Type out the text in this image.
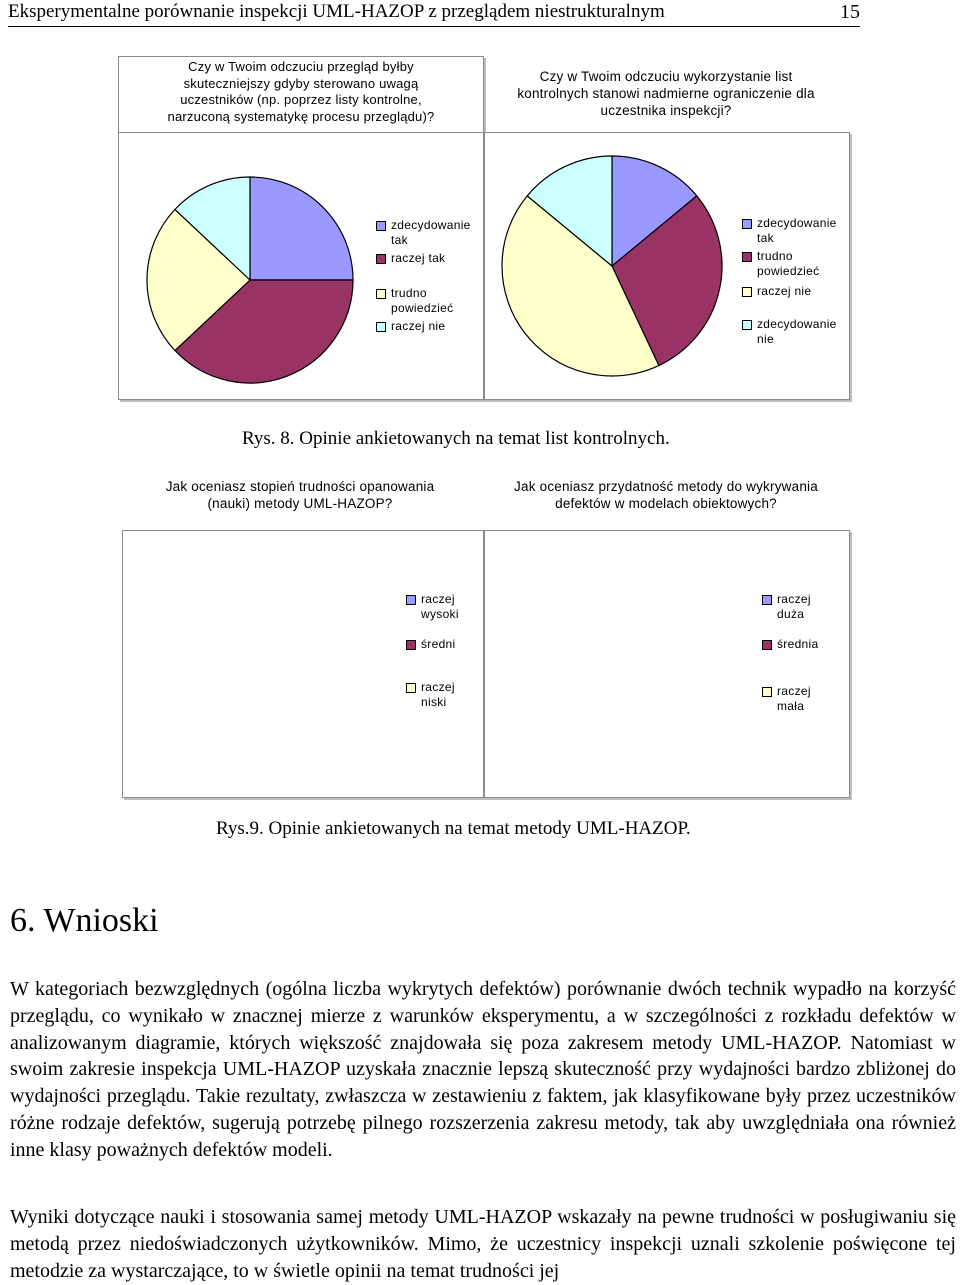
Eksperymentalne porównanie inspekcji UML-HAZOP z przeglądem niestrukturalnym	15
Czy w Twoim odczuciu przegląd byłby
skuteczniejszy gdyby sterowano uwagą
uczestników (np. poprzez listy kontrolne,
narzuconą systematykę procesu przeglądu)?
Czy w Twoim odczuciu wykorzystanie list
kontrolnych stanowi nadmierne ograniczenie dla
uczestnika inspekcji?
zdecydowanie
tak
raczej tak
trudno
powiedzieć
raczej nie
zdecydowanie
tak
trudno
powiedzieć
raczej nie
zdecydowanie
nie
Rys. 8. Opinie ankietowanych na temat list kontrolnych.
Jak oceniasz stopień trudności opanowania
(nauki) metody UML-HAZOP?
Jak oceniasz przydatność metody do wykrywania
defektów w modelach obiektowych?
raczej
wysoki
średni
raczej
niski
raczej
duża
średnia
raczej
mała
Rys.9. Opinie ankietowanych na temat metody UML-HAZOP.
6. Wnioski
W kategoriach bezwzględnych (ogólna liczba wykrytych defektów) porównanie dwóch technik wypadło na korzyść przeglądu, co wynikało w znacznej mierze z warunków eksperymentu, a w szczególności z rozkładu defektów w analizowanym diagramie, których większość znajdowała się poza zakresem metody UML-HAZOP. Natomiast w swoim zakresie inspekcja UML-HAZOP uzyskała znacznie lepszą skuteczność przy wydajności bardzo zbliżonej do wydajności przeglądu. Takie rezultaty, zwłaszcza w zestawieniu z faktem, jak klasyfikowane były przez uczestników różne rodzaje defektów, sugerują potrzebę pilnego rozszerzenia zakresu metody, tak aby uwzględniała ona również inne klasy poważnych defektów modeli.
Wyniki dotyczące nauki i stosowania samej metody UML-HAZOP wskazały na pewne trudności w posługiwaniu się metodą przez niedoświadczonych użytkowników. Mimo, że uczestnicy inspekcji uznali szkolenie poświęcone tej metodzie za wystarczające, to w świetle opinii na temat trudności jej
